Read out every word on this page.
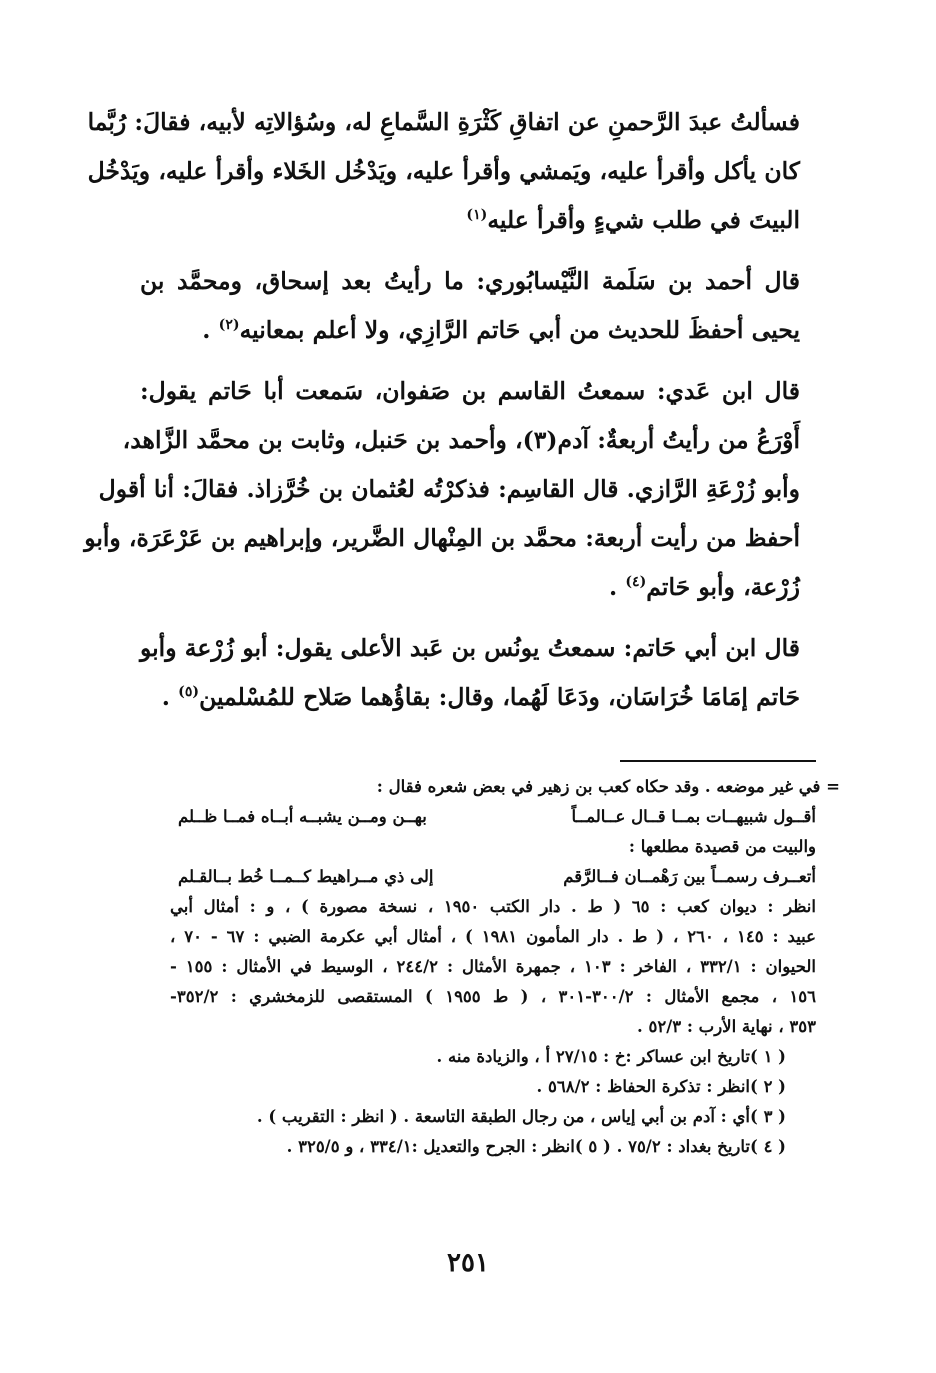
فسألتُ عبدَ الرَّحمنِ عن اتفاقِ كَثْرَةِ السَّماعِ له، وسُؤالاتِه لأبيه، فقالَ: رُبَّما
كان يأكل وأقرأ عليه، ويَمشي وأقرأ عليه، ويَدْخُل الخَلاء وأقرأ عليه، ويَدْخُل
البيتَ في طلب شيءٍ وأقرأ عليه$^{(١)}$

قال أحمد بن سَلَمة النَّيْسابُوري: ما رأيتُ بعد إسحاق، ومحمَّد بن
يحيى أحفظَ للحديث من أبي حَاتم الرَّازِي، ولا أعلم بمعانيه$^{(٢)}$ .

قال ابن عَدي: سمعتُ القاسم بن صَفوان، سَمعت أبا حَاتم يقول:
أَوْرَعُ من رأيتُ أربعةٌ: آدم(٣)، وأحمد بن حَنبل، وثابت بن محمَّد الزَّاهد،
وأبو زُرْعَةِ الرَّازي. قال القاسِم: فذكرْتُه لعُثمان بن خُرَّزاذ. فقالَ: أنا أقول
أحفظ من رأيت أربعة: محمَّد بن المِنْهال الضَّرير، وإبراهيم بن عَرْعَرَة، وأبو
زُرْعة، وأبو حَاتم$^{(٤)}$ .

قال ابن أبي حَاتم: سمعتُ يونُس بن عَبد الأعلى يقول: أبو زُرْعة وأبو
حَاتم إمَامَا خُرَاسَان، ودَعَا لَهُما، وقال: بقاؤُهما صَلاح للمُسْلمين$^{(٥)}$ .

= في غير موضعه . وقد حكاه كعب بن زهير في بعض شعره فقال :
أقــول شبيهــات بمــا قــال عــالمــاً
بهــن ومــن يشبــه أبــاه فمــا ظــلم
والبيت من قصيدة مطلعها :
أتعــرف رسمــاً بين رَهْمــان فــالرَّقم
إلى ذي مــراهيط كــمــا خُط بــالقـلم
انظر : ديوان كعب : ٦٥ ( ط . دار الكتب ١٩٥٠ ، نسخة مصورة ) ، و : أمثال أبي
عبيد : ١٤٥ ، ٢٦٠ ، ( ط . دار المأمون ١٩٨١ ) ، أمثال أبي عكرمة الضبي : ٦٧ - ٧٠ ،
الحيوان : ٣٣٢/١ ، الفاخر : ١٠٣ ، جمهرة الأمثال : ٢٤٤/٢ ، الوسيط في الأمثال : ١٥٥ -
١٥٦ ، مجمع الأمثال : ٣٠٠/٢-٣٠١ ، ( ط ١٩٥٥ ) المستقصى للزمخشري : ٣٥٢/٢-
٣٥٣ ، نهاية الأرب : ٥٢/٣ .
( ١ )تاريخ ابن عساكر :خ : ٢٧/١٥ أ ، والزيادة منه .
( ٢ )انظر : تذكرة الحفاظ : ٥٦٨/٢ .
( ٣ )أي : آدم بن أبي إياس ، من رجال الطبقة التاسعة . ( انظر : التقريب ) .
( ٤ )تاريخ بغداد : ٧٥/٢ . ( ٥ )انظر : الجرح والتعديل :٣٣٤/١ ، و ٣٢٥/٥ .
٢٥١
